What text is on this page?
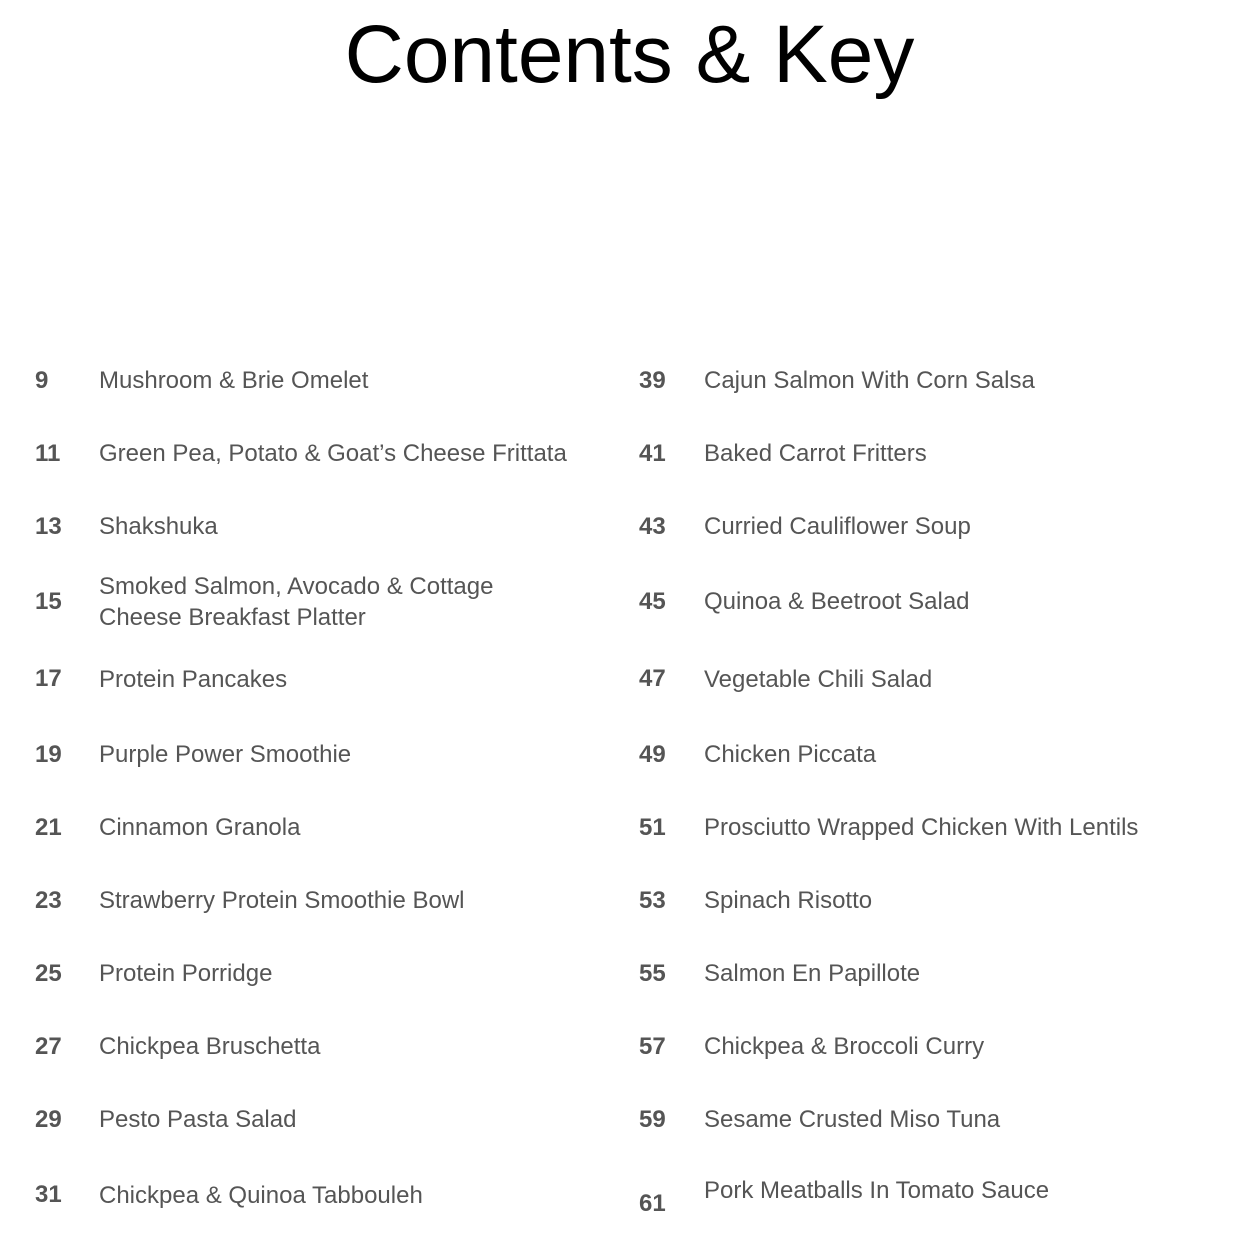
Contents & Key
9	Mushroom & Brie Omelet
11	Green Pea, Potato & Goat’s Cheese Frittata
13	Shakshuka
15
Smoked Salmon, Avocado & Cottage Cheese Breakfast Platter
17	Protein Pancakes
19	Purple Power Smoothie
21	Cinnamon Granola
23	Strawberry Protein Smoothie Bowl
25	Protein Porridge
27	Chickpea Bruschetta
29	Pesto Pasta Salad
31	Chickpea & Quinoa Tabbouleh
39	Cajun Salmon With Corn Salsa
41	Baked Carrot Fritters
43	Curried Cauliflower Soup
45	Quinoa & Beetroot Salad
47	Vegetable Chili Salad
49	Chicken Piccata
51	Prosciutto Wrapped Chicken With Lentils
53	Spinach Risotto
55	Salmon En Papillote
57	Chickpea & Broccoli Curry
59	Sesame Crusted Miso Tuna
61	Pork Meatballs In Tomato Sauce
